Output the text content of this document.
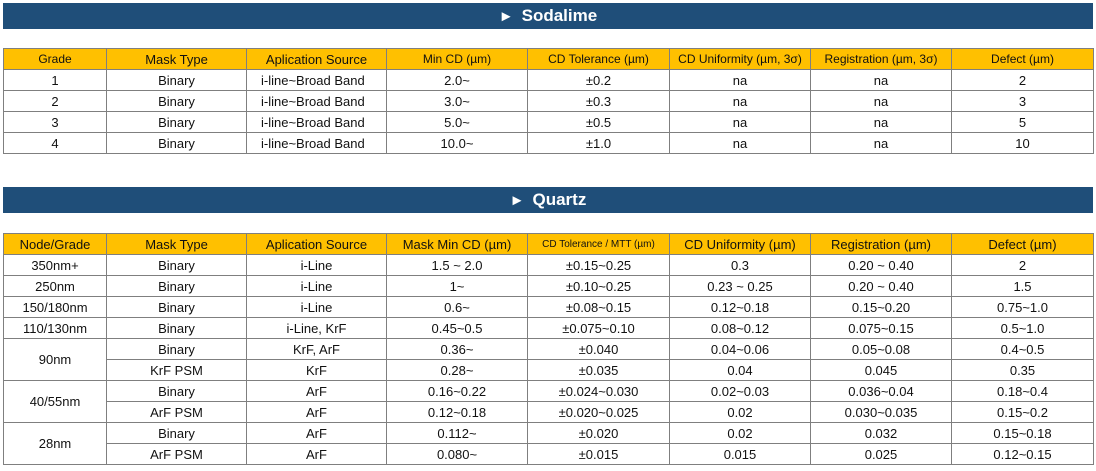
► Sodalime
Grade	Mask Type	Aplication Source	Min CD (µm)	CD Tolerance (µm)	CD Uniformity (µm, 3σ)	Registration (µm, 3σ)	Defect (µm)
1	Binary	i-line~Broad Band	2.0~	±0.2	na	na	2
2	Binary	i-line~Broad Band	3.0~	±0.3	na	na	3
3	Binary	i-line~Broad Band	5.0~	±0.5	na	na	5
4	Binary	i-line~Broad Band	10.0~	±1.0	na	na	10
► Quartz
Node/Grade	Mask Type	Aplication Source	Mask Min CD (µm)	CD Tolerance / MTT (µm)	CD Uniformity (µm)	Registration (µm)	Defect (µm)
350nm+	Binary	i-Line	1.5 ~ 2.0	±0.15~0.25	0.3	0.20 ~ 0.40	2
250nm	Binary	i-Line	1~	±0.10~0.25	0.23 ~ 0.25	0.20 ~ 0.40	1.5
150/180nm	Binary	i-Line	0.6~	±0.08~0.15	0.12~0.18	0.15~0.20	0.75~1.0
110/130nm	Binary	i-Line, KrF	0.45~0.5	±0.075~0.10	0.08~0.12	0.075~0.15	0.5~1.0
90nm	Binary	KrF, ArF	0.36~	±0.040	0.04~0.06	0.05~0.08	0.4~0.5
	KrF PSM	KrF	0.28~	±0.035	0.04	0.045	0.35
40/55nm	Binary	ArF	0.16~0.22	±0.024~0.030	0.02~0.03	0.036~0.04	0.18~0.4
	ArF PSM	ArF	0.12~0.18	±0.020~0.025	0.02	0.030~0.035	0.15~0.2
28nm	Binary	ArF	0.112~	±0.020	0.02	0.032	0.15~0.18
	ArF PSM	ArF	0.080~	±0.015	0.015	0.025	0.12~0.15
